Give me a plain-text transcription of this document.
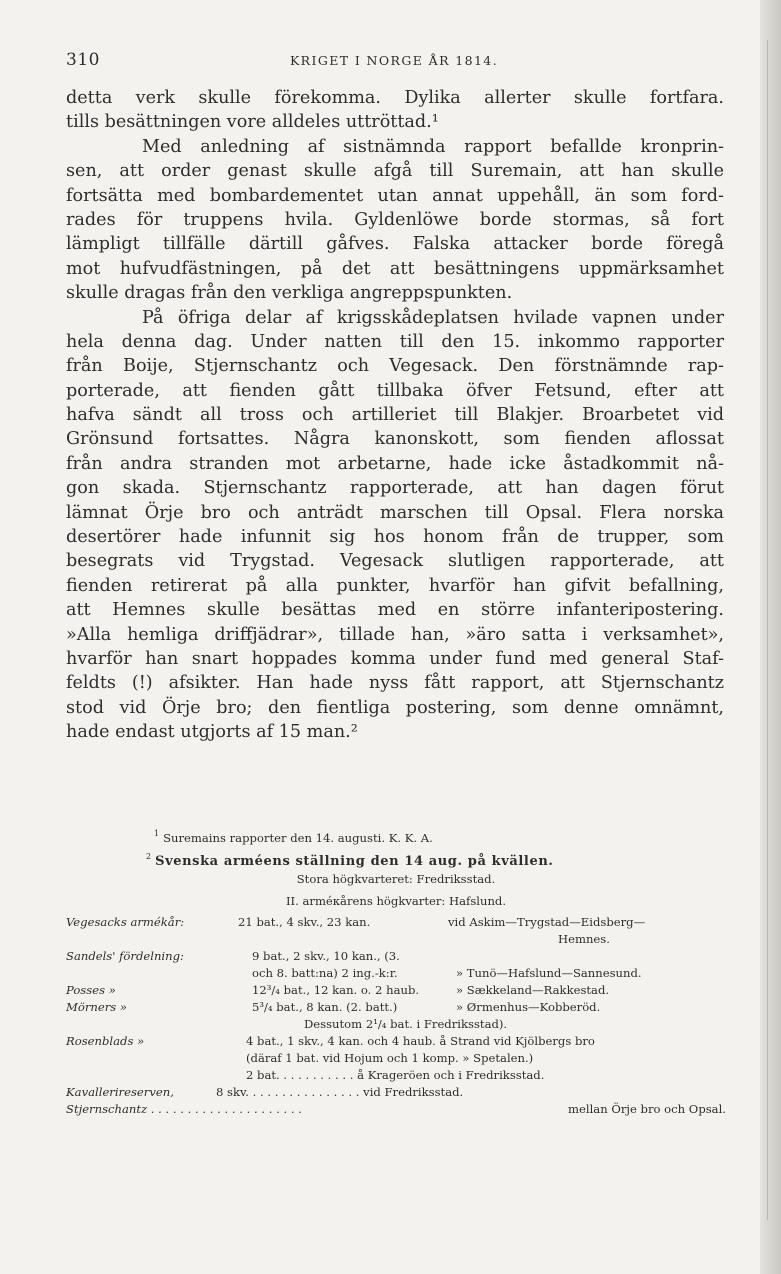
310	KRIGET I NORGE ÅR 1814.
detta verk skulle förekomma. Dylika allerter skulle fortfara.
tills besättningen vore alldeles uttröttad.¹
Med anledning af sistnämnda rapport befallde kronprin-
sen, att order genast skulle afgå till Suremain, att han skulle
fortsätta med bombardementet utan annat uppehåll, än som ford-
rades för truppens hvila. Gyldenlöwe borde stormas, så fort
lämpligt tillfälle därtill gåfves. Falska attacker borde föregå
mot hufvudfästningen, på det att besättningens uppmärksamhet
skulle dragas från den verkliga angreppspunkten.
På öfriga delar af krigsskådeplatsen hvilade vapnen under
hela denna dag. Under natten till den 15. inkommo rapporter
från Boije, Stjernschantz och Vegesack. Den förstnämnde rap-
porterade, att fienden gått tillbaka öfver Fetsund, efter att
hafva sändt all tross och artilleriet till Blakjer. Broarbetet vid
Grönsund fortsattes. Några kanonskott, som fienden aflossat
från andra stranden mot arbetarne, hade icke åstadkommit nå-
gon skada. Stjernschantz rapporterade, att han dagen förut
lämnat Örje bro och anträdt marschen till Opsal. Flera norska
desertörer hade infunnit sig hos honom från de trupper, som
besegrats vid Trygstad. Vegesack slutligen rapporterade, att
fienden retirerat på alla punkter, hvarför han gifvit befallning,
att Hemnes skulle besättas med en större infanteripostering.
»Alla hemliga driffjädrar», tillade han, »äro satta i verksamhet»,
hvarför han snart hoppades komma under fund med general Staf-
feldts (!) afsikter. Han hade nyss fått rapport, att Stjernschantz
stod vid Örje bro; den fientliga postering, som denne omnämnt,
hade endast utgjorts af 15 man.²
$^1$ Suremains rapporter den 14. augusti. K. K. A.
$^2$ Svenska arméens ställning den 14 aug. på kvällen.
Stora högkvarteret: Fredriksstad.
II. arméкårens högkvarter: Hafslund.
Vegesacks armékår:	21 bat., 4 skv., 23 kan.	vid Askim—Trygstad—Eidsberg—
Hemnes.
Sandels' fördelning:	9 bat., 2 skv., 10 kan., (3.
och 8. batt:na) 2 ing.-k:r.	» Tunö—Hafslund—Sannesund.
Posses »	12³/₄ bat., 12 kan. o. 2 haub.	» Sækkeland—Rakkestad.
Mörners »	5³/₄ bat., 8 kan. (2. batt.)	» Ørmenhus—Kobberöd.
Dessutom 2¹/₄ bat. i Fredriksstad).
Rosenblads »	4 bat., 1 skv., 4 kan. och 4 haub. å Strand vid Kjölbergs bro
(däraf 1 bat. vid Hojum och 1 komp. » Spetalen.)
2 bat. . . . . . . . . . . å Krageröen och i Fredriksstad.
Kavallerireserven,	8 skv. . . . . . . . . . . . . . . . vid Fredriksstad.
Stjernschantz . . . . . . . . . . . . . . . . . . . . .	mellan Örje bro och Opsal.
